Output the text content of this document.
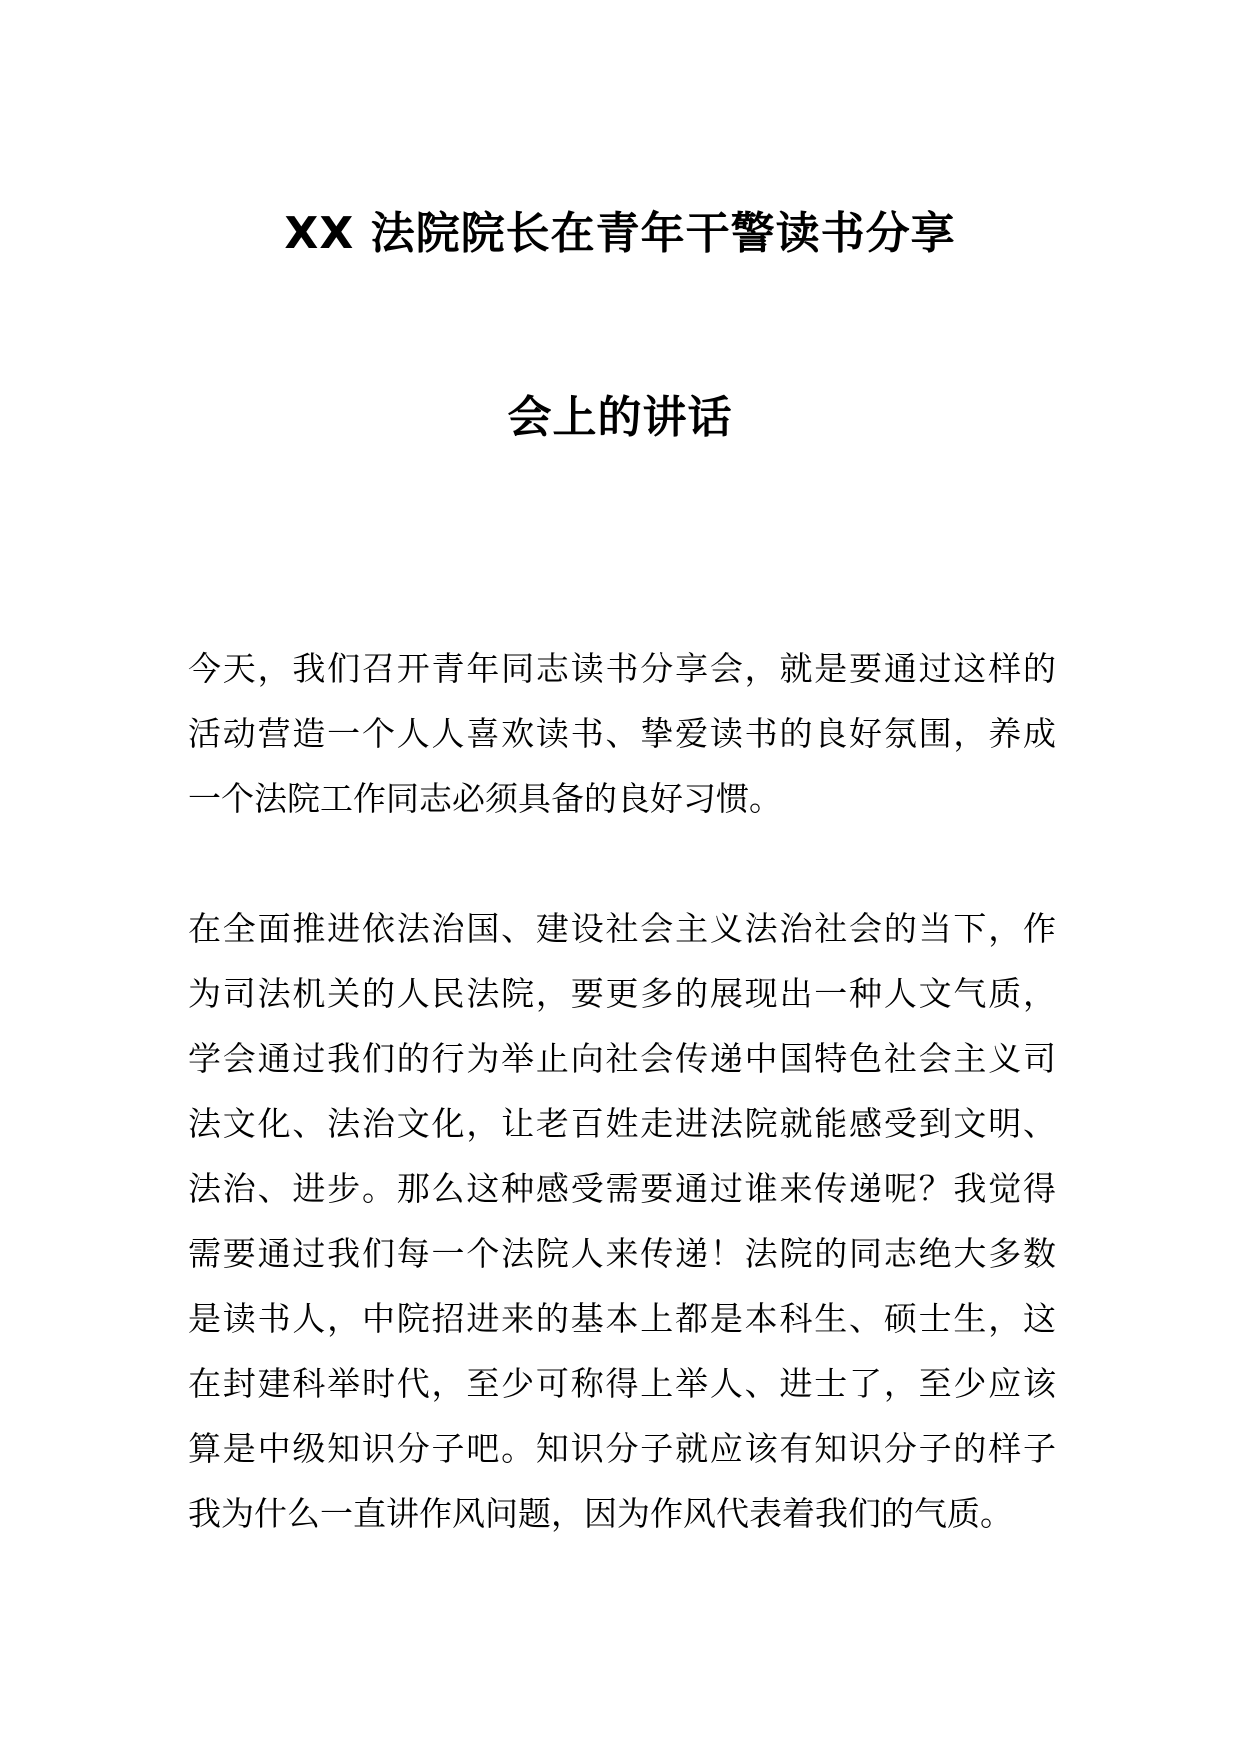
XX 法院院长在青年干警读书分享
会上的讲话

今天，我们召开青年同志读书分享会，就是要通过这样的
活动营造一个人人喜欢读书、挚爱读书的良好氛围，养成
一个法院工作同志必须具备的良好习惯。

在全面推进依法治国、建设社会主义法治社会的当下，作
为司法机关的人民法院，要更多的展现出一种人文气质，
学会通过我们的行为举止向社会传递中国特色社会主义司
法文化、法治文化，让老百姓走进法院就能感受到文明、
法治、进步。那么这种感受需要通过谁来传递呢？我觉得
需要通过我们每一个法院人来传递！法院的同志绝大多数
是读书人，中院招进来的基本上都是本科生、硕士生，这
在封建科举时代，至少可称得上举人、进士了，至少应该
算是中级知识分子吧。知识分子就应该有知识分子的样子
我为什么一直讲作风问题，因为作风代表着我们的气质。
